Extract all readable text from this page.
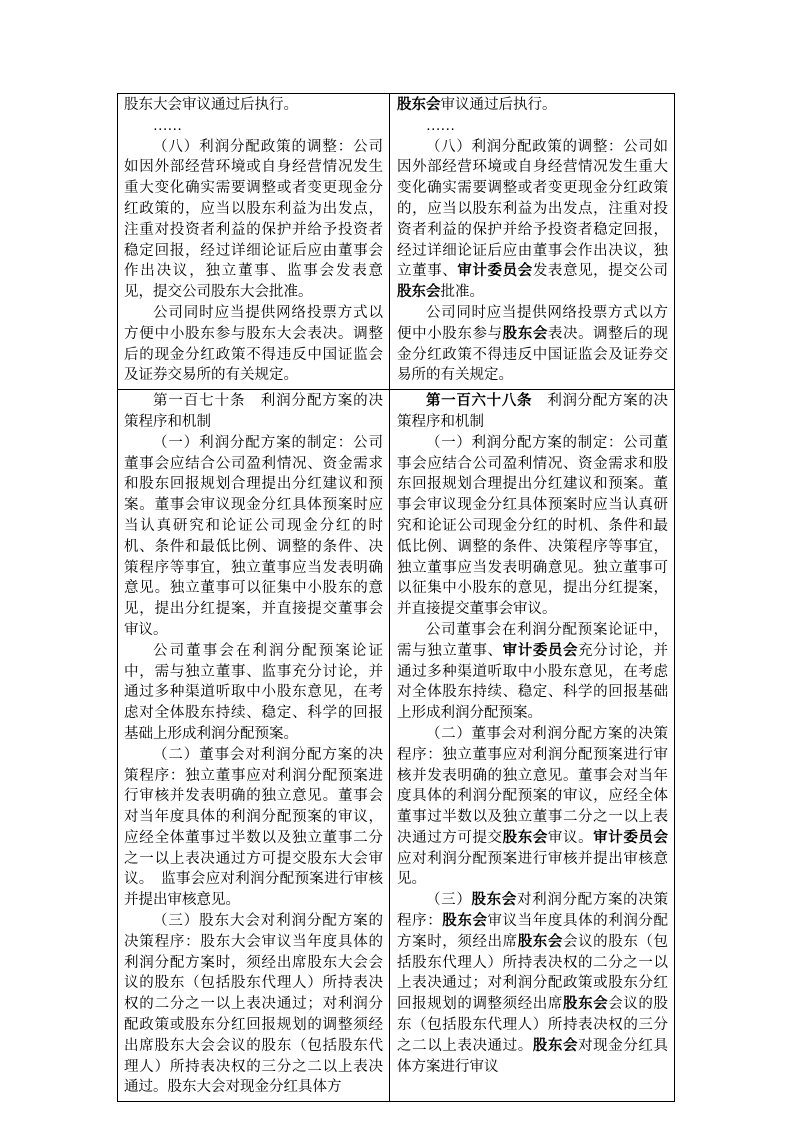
股东大会审议通过后执行。

……

（八）利润分配政策的调整：公司如因外部经营环境或自身经营情况发生重大变化确实需要调整或者变更现金分红政策的，应当以股东利益为出发点，注重对投资者利益的保护并给予投资者稳定回报，经过详细论证后应由董事会作出决议，独立董事、监事会发表意见，提交公司股东大会批准。

公司同时应当提供网络投票方式以方便中小股东参与股东大会表决。调整后的现金分红政策不得违反中国证监会及证券交易所的有关规定。

股东会审议通过后执行。

……

（八）利润分配政策的调整：公司如因外部经营环境或自身经营情况发生重大变化确实需要调整或者变更现金分红政策的，应当以股东利益为出发点，注重对投资者利益的保护并给予投资者稳定回报，经过详细论证后应由董事会作出决议，独立董事、审计委员会发表意见，提交公司股东会批准。

公司同时应当提供网络投票方式以方便中小股东参与股东会表决。调整后的现金分红政策不得违反中国证监会及证券交易所的有关规定。

第一百七十条　利润分配方案的决策程序和机制

（一）利润分配方案的制定：公司董事会应结合公司盈利情况、资金需求和股东回报规划合理提出分红建议和预案。董事会审议现金分红具体预案时应当认真研究和论证公司现金分红的时机、条件和最低比例、调整的条件、决策程序等事宜，独立董事应当发表明确意见。独立董事可以征集中小股东的意见，提出分红提案，并直接提交董事会审议。

公司董事会在利润分配预案论证中，需与独立董事、监事充分讨论，并通过多种渠道听取中小股东意见，在考虑对全体股东持续、稳定、科学的回报基础上形成利润分配预案。

（二）董事会对利润分配方案的决策程序：独立董事应对利润分配预案进行审核并发表明确的独立意见。董事会对当年度具体的利润分配预案的审议，应经全体董事过半数以及独立董事二分之一以上表决通过方可提交股东大会审议。　监事会应对利润分配预案进行审核并提出审核意见。

（三）股东大会对利润分配方案的决策程序：股东大会审议当年度具体的利润分配方案时，须经出席股东大会会议的股东（包括股东代理人）所持表决权的二分之一以上表决通过；对利润分配政策或股东分红回报规划的调整须经出席股东大会会议的股东（包括股东代理人）所持表决权的三分之二以上表决通过。股东大会对现金分红具体方

第一百六十八条　利润分配方案的决策程序和机制

（一）利润分配方案的制定：公司董事会应结合公司盈利情况、资金需求和股东回报规划合理提出分红建议和预案。董事会审议现金分红具体预案时应当认真研究和论证公司现金分红的时机、条件和最低比例、调整的条件、决策程序等事宜，独立董事应当发表明确意见。独立董事可以征集中小股东的意见，提出分红提案，并直接提交董事会审议。

公司董事会在利润分配预案论证中，需与独立董事、审计委员会充分讨论，并通过多种渠道听取中小股东意见，在考虑对全体股东持续、稳定、科学的回报基础上形成利润分配预案。

（二）董事会对利润分配方案的决策程序：独立董事应对利润分配预案进行审核并发表明确的独立意见。董事会对当年度具体的利润分配预案的审议，应经全体董事过半数以及独立董事二分之一以上表决通过方可提交股东会审议。审计委员会应对利润分配预案进行审核并提出审核意见。

（三）股东会对利润分配方案的决策程序：股东会审议当年度具体的利润分配方案时，须经出席股东会会议的股东（包括股东代理人）所持表决权的二分之一以上表决通过；对利润分配政策或股东分红回报规划的调整须经出席股东会会议的股东（包括股东代理人）所持表决权的三分之二以上表决通过。股东会对现金分红具体方案进行审议
